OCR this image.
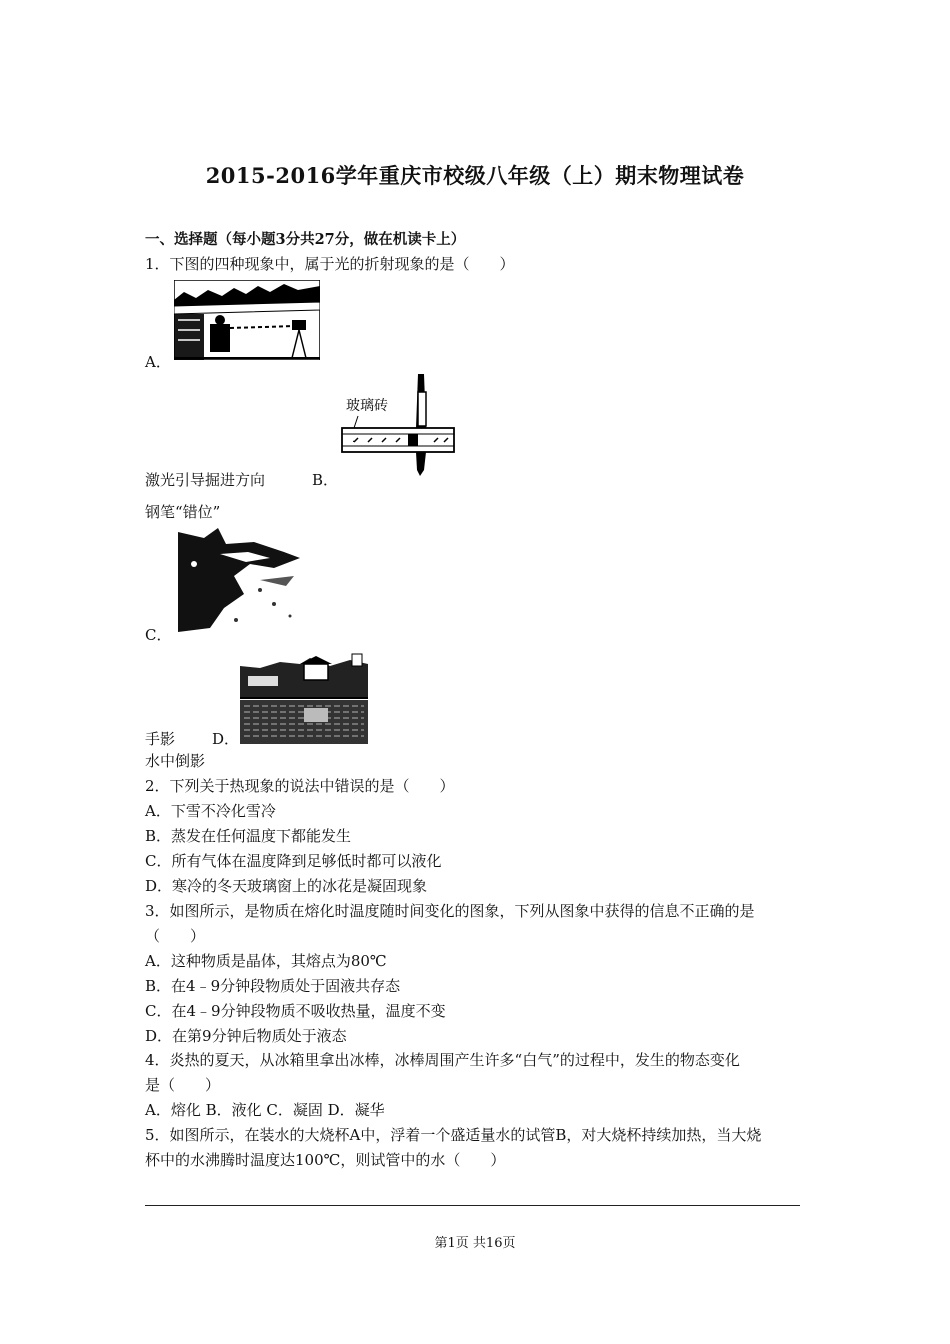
2015-2016学年重庆市校级八年级（上）期末物理试卷
一、选择题（每小题3分共27分，做在机读卡上）
1．下图的四种现象中，属于光的折射现象的是（　　）
A．
玻璃砖
·
激光引导掘进方向	B．
钢笔“错位”
C．
手影 D．
水中倒影
2．下列关于热现象的说法中错误的是（　　）
A．下雪不冷化雪冷
B．蒸发在任何温度下都能发生
C．所有气体在温度降到足够低时都可以液化
D．寒冷的冬天玻璃窗上的冰花是凝固现象
3．如图所示，是物质在熔化时温度随时间变化的图象，下列从图象中获得的信息不正确的是
（　　）
A．这种物质是晶体，其熔点为80℃
B．在4﹣9分钟段物质处于固液共存态
C．在4﹣9分钟段物质不吸收热量，温度不变
D．在第9分钟后物质处于液态
4．炎热的夏天，从冰箱里拿出冰棒，冰棒周围产生许多“白气”的过程中，发生的物态变化
是（　　）
A．熔化 B．液化 C．凝固 D．凝华
5．如图所示，在装水的大烧杯A中，浮着一个盛适量水的试管B，对大烧杯持续加热，当大烧
杯中的水沸腾时温度达100℃，则试管中的水（　　）
第1页 共16页
